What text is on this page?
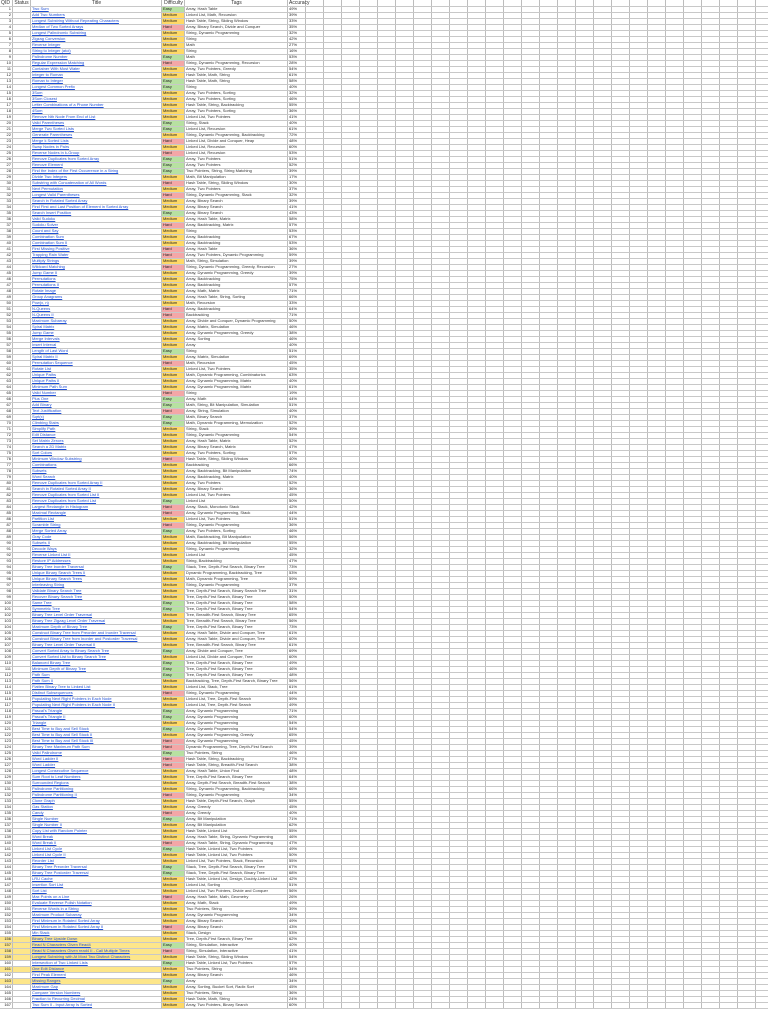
QID Status	Title	Difficulty	Tags	Accuracy
1	Two Sum	Easy	Array, Hash Table	49%
2	Add Two Numbers	Medium	Linked List, Math, Recursion	39%
3	Longest Substring Without Repeating Characters	Medium	Hash Table, String, Sliding Window	33%
4	Median of Two Sorted Arrays	Hard	Array, Binary Search, Divide and Conquer	35%
5	Longest Palindromic Substring	Medium	String, Dynamic Programming	32%
6	Zigzag Conversion	Medium	String	42%
7	Reverse Integer	Medium	Math	27%
8	String to Integer (atoi)	Medium	String	16%
9	Palindrome Number	Easy	Math	53%
10	Regular Expression Matching	Hard	String, Dynamic Programming, Recursion	28%
11	Container With Most Water	Medium	Array, Two Pointers, Greedy	54%
12	Integer to Roman	Medium	Hash Table, Math, String	61%
13	Roman to Integer	Easy	Hash Table, Math, String	58%
14	Longest Common Prefix	Easy	String	40%
15	3Sum	Medium	Array, Two Pointers, Sorting	32%
16	3Sum Closest	Medium	Array, Two Pointers, Sorting	46%
17	Letter Combinations of a Phone Number	Medium	Hash Table, String, Backtracking	55%
18	4Sum	Medium	Array, Two Pointers, Sorting	36%
19	Remove Nth Node From End of List	Medium	Linked List, Two Pointers	41%
20	Valid Parentheses	Easy	String, Stack	40%
21	Merge Two Sorted Lists	Easy	Linked List, Recursion	61%
22	Generate Parentheses	Medium	String, Dynamic Programming, Backtracking	72%
23	Merge k Sorted Lists	Hard	Linked List, Divide and Conquer, Heap	48%
24	Swap Nodes in Pairs	Medium	Linked List, Recursion	60%
25	Reverse Nodes in k-Group	Hard	Linked List, Recursion	53%
26	Remove Duplicates from Sorted Array	Easy	Array, Two Pointers	51%
27	Remove Element	Easy	Array, Two Pointers	52%
28	Find the Index of the First Occurrence in a String	Easy	Two Pointers, String, String Matching	39%
29	Divide Two Integers	Medium	Math, Bit Manipulation	17%
30	Substring with Concatenation of All Words	Hard	Hash Table, String, Sliding Window	30%
31	Next Permutation	Medium	Array, Two Pointers	37%
32	Longest Valid Parentheses	Hard	String, Dynamic Programming, Stack	32%
33	Search in Rotated Sorted Array	Medium	Array, Binary Search	39%
34	Find First and Last Position of Element in Sorted Array	Medium	Array, Binary Search	41%
35	Search Insert Position	Easy	Array, Binary Search	43%
36	Valid Sudoku	Medium	Array, Hash Table, Matrix	58%
37	Sudoku Solver	Hard	Array, Backtracking, Matrix	57%
38	Count and Say	Medium	String	53%
39	Combination Sum	Medium	Array, Backtracking	67%
40	Combination Sum II	Medium	Array, Backtracking	53%
41	First Missing Positive	Hard	Array, Hash Table	36%
42	Trapping Rain Water	Hard	Array, Two Pointers, Dynamic Programming	59%
43	Multiply Strings	Medium	Math, String, Simulation	39%
44	Wildcard Matching	Hard	String, Dynamic Programming, Greedy, Recursion	27%
45	Jump Game II	Medium	Array, Dynamic Programming, Greedy	39%
46	Permutations	Medium	Array, Backtracking	75%
47	Permutations II	Medium	Array, Backtracking	57%
48	Rotate Image	Medium	Array, Math, Matrix	71%
49	Group Anagrams	Medium	Array, Hash Table, String, Sorting	66%
50	Pow(x, n)	Medium	Math, Recursion	33%
51	N-Queens	Hard	Array, Backtracking	64%
52	N-Queens II	Hard	Backtracking	71%
53	Maximum Subarray	Medium	Array, Divide and Conquer, Dynamic Programming	50%
54	Spiral Matrix	Medium	Array, Matrix, Simulation	46%
55	Jump Game	Medium	Array, Dynamic Programming, Greedy	38%
56	Merge Intervals	Medium	Array, Sorting	46%
57	Insert Interval	Medium	Array	40%
58	Length of Last Word	Easy	String	51%
59	Spiral Matrix II	Medium	Array, Matrix, Simulation	69%
60	Permutation Sequence	Hard	Math, Recursion	45%
61	Rotate List	Medium	Linked List, Two Pointers	35%
62	Unique Paths	Medium	Math, Dynamic Programming, Combinatorics	63%
63	Unique Paths II	Medium	Array, Dynamic Programming, Matrix	40%
64	Minimum Path Sum	Medium	Array, Dynamic Programming, Matrix	61%
65	Valid Number	Hard	String	19%
66	Plus One	Easy	Array, Math	44%
67	Add Binary	Easy	Math, String, Bit Manipulation, Simulation	51%
68	Text Justification	Hard	Array, String, Simulation	40%
69	Sqrt(x)	Easy	Math, Binary Search	37%
70	Climbing Stairs	Easy	Math, Dynamic Programming, Memoization	52%
71	Simplify Path	Medium	String, Stack	39%
72	Edit Distance	Medium	String, Dynamic Programming	54%
73	Set Matrix Zeroes	Medium	Array, Hash Table, Matrix	52%
74	Search a 2D Matrix	Medium	Array, Binary Search, Matrix	47%
75	Sort Colors	Medium	Array, Two Pointers, Sorting	57%
76	Minimum Window Substring	Hard	Hash Table, String, Sliding Window	40%
77	Combinations	Medium	Backtracking	66%
78	Subsets	Medium	Array, Backtracking, Bit Manipulation	74%
79	Word Search	Medium	Array, Backtracking, Matrix	40%
80	Remove Duplicates from Sorted Array II	Medium	Array, Two Pointers	52%
81	Search in Rotated Sorted Array II	Medium	Array, Binary Search	36%
82	Remove Duplicates from Sorted List II	Medium	Linked List, Two Pointers	45%
83	Remove Duplicates from Sorted List	Easy	Linked List	50%
84	Largest Rectangle in Histogram	Hard	Array, Stack, Monotonic Stack	42%
85	Maximal Rectangle	Hard	Array, Dynamic Programming, Stack	44%
86	Partition List	Medium	Linked List, Two Pointers	51%
87	Scramble String	Hard	String, Dynamic Programming	36%
88	Merge Sorted Array	Easy	Array, Two Pointers, Sorting	46%
89	Gray Code	Medium	Math, Backtracking, Bit Manipulation	56%
90	Subsets II	Medium	Array, Backtracking, Bit Manipulation	55%
91	Decode Ways	Medium	String, Dynamic Programming	32%
92	Reverse Linked List II	Medium	Linked List	45%
93	Restore IP Addresses	Medium	String, Backtracking	47%
94	Binary Tree Inorder Traversal	Easy	Stack, Tree, Depth-First Search, Binary Tree	73%
95	Unique Binary Search Trees II	Medium	Dynamic Programming, Backtracking, Tree	53%
96	Unique Binary Search Trees	Medium	Math, Dynamic Programming, Tree	59%
97	Interleaving String	Medium	String, Dynamic Programming	37%
98	Validate Binary Search Tree	Medium	Tree, Depth-First Search, Binary Search Tree	31%
99	Recover Binary Search Tree	Medium	Tree, Depth-First Search, Binary Tree	50%
100	Same Tree	Easy	Tree, Depth-First Search, Binary Tree	58%
101	Symmetric Tree	Easy	Tree, Depth-First Search, Binary Tree	54%
102	Binary Tree Level Order Traversal	Medium	Tree, Breadth-First Search, Binary Tree	65%
103	Binary Tree Zigzag Level Order Traversal	Medium	Tree, Breadth-First Search, Binary Tree	56%
104	Maximum Depth of Binary Tree	Easy	Tree, Depth-First Search, Binary Tree	73%
105	Construct Binary Tree from Preorder and Inorder Traversal	Medium	Array, Hash Table, Divide and Conquer, Tree	61%
106	Construct Binary Tree from Inorder and Postorder Traversal	Medium	Array, Hash Table, Divide and Conquer, Tree	60%
107	Binary Tree Level Order Traversal II	Medium	Tree, Breadth-First Search, Binary Tree	61%
108	Convert Sorted Array to Binary Search Tree	Easy	Array, Divide and Conquer, Tree	69%
109	Convert Sorted List to Binary Search Tree	Medium	Linked List, Divide and Conquer, Tree	60%
110	Balanced Binary Tree	Easy	Tree, Depth-First Search, Binary Tree	49%
111	Minimum Depth of Binary Tree	Easy	Tree, Depth-First Search, Binary Tree	46%
112	Path Sum	Easy	Tree, Depth-First Search, Binary Tree	48%
113	Path Sum II	Medium	Backtracking, Tree, Depth-First Search, Binary Tree	56%
114	Flatten Binary Tree to Linked List	Medium	Linked List, Stack, Tree	61%
115	Distinct Subsequences	Hard	String, Dynamic Programming	44%
116	Populating Next Right Pointers in Each Node	Medium	Linked List, Tree, Depth-First Search	59%
117	Populating Next Right Pointers in Each Node II	Medium	Linked List, Tree, Depth-First Search	49%
118	Pascal's Triangle	Easy	Array, Dynamic Programming	71%
119	Pascal's Triangle II	Easy	Array, Dynamic Programming	60%
120	Triangle	Medium	Array, Dynamic Programming	54%
121	Best Time to Buy and Sell Stock	Easy	Array, Dynamic Programming	54%
122	Best Time to Buy and Sell Stock II	Medium	Array, Dynamic Programming, Greedy	65%
123	Best Time to Buy and Sell Stock III	Hard	Array, Dynamic Programming	45%
124	Binary Tree Maximum Path Sum	Hard	Dynamic Programming, Tree, Depth-First Search	39%
125	Valid Palindrome	Easy	Two Pointers, String	46%
126	Word Ladder II	Hard	Hash Table, String, Backtracking	27%
127	Word Ladder	Hard	Hash Table, String, Breadth-First Search	38%
128	Longest Consecutive Sequence	Medium	Array, Hash Table, Union Find	48%
129	Sum Root to Leaf Numbers	Medium	Tree, Depth-First Search, Binary Tree	64%
130	Surrounded Regions	Medium	Array, Depth-First Search, Breadth-First Search	38%
131	Palindrome Partitioning	Medium	String, Dynamic Programming, Backtracking	66%
132	Palindrome Partitioning II	Hard	String, Dynamic Programming	34%
133	Clone Graph	Medium	Hash Table, Depth-First Search, Graph	55%
134	Gas Station	Medium	Array, Greedy	45%
135	Candy	Hard	Array, Greedy	40%
136	Single Number	Easy	Array, Bit Manipulation	71%
137	Single Number II	Medium	Array, Bit Manipulation	62%
138	Copy List with Random Pointer	Medium	Hash Table, Linked List	55%
139	Word Break	Medium	Array, Hash Table, String, Dynamic Programming	46%
140	Word Break II	Hard	Array, Hash Table, String, Dynamic Programming	47%
141	Linked List Cycle	Easy	Hash Table, Linked List, Two Pointers	49%
142	Linked List Cycle II	Medium	Hash Table, Linked List, Two Pointers	50%
143	Reorder List	Medium	Linked List, Two Pointers, Stack, Recursion	55%
144	Binary Tree Preorder Traversal	Easy	Stack, Tree, Depth-First Search, Binary Tree	67%
145	Binary Tree Postorder Traversal	Easy	Stack, Tree, Depth-First Search, Binary Tree	68%
146	LRU Cache	Medium	Hash Table, Linked List, Design, Doubly-Linked List	42%
147	Insertion Sort List	Medium	Linked List, Sorting	51%
148	Sort List	Medium	Linked List, Two Pointers, Divide and Conquer	56%
149	Max Points on a Line	Hard	Array, Hash Table, Math, Geometry	26%
150	Evaluate Reverse Polish Notation	Medium	Array, Math, Stack	49%
151	Reverse Words in a String	Medium	Two Pointers, String	39%
152	Maximum Product Subarray	Medium	Array, Dynamic Programming	34%
153	Find Minimum in Rotated Sorted Array	Medium	Array, Binary Search	49%
154	Find Minimum in Rotated Sorted Array II	Hard	Array, Binary Search	43%
155	Min Stack	Medium	Stack, Design	53%
156	Binary Tree Upside Down	Medium	Tree, Depth-First Search, Binary Tree	62%
157	Read N Characters Given Read4	Easy	String, Simulation, Interactive	40%
158	Read N Characters Given read4 II - Call Multiple Times	Hard	String, Simulation, Interactive	41%
159	Longest Substring with At Most Two Distinct Characters	Medium	Hash Table, String, Sliding Window	54%
160	Intersection of Two Linked Lists	Easy	Hash Table, Linked List, Two Pointers	57%
161	One Edit Distance	Medium	Two Pointers, String	34%
162	Find Peak Element	Medium	Array, Binary Search	46%
163	Missing Ranges	Easy	Array	34%
164	Maximum Gap	Medium	Array, Sorting, Bucket Sort, Radix Sort	45%
165	Compare Version Numbers	Medium	Two Pointers, String	36%
166	Fraction to Recurring Decimal	Medium	Hash Table, Math, String	24%
167	Two Sum II - Input Array Is Sorted	Medium	Array, Two Pointers, Binary Search	60%
